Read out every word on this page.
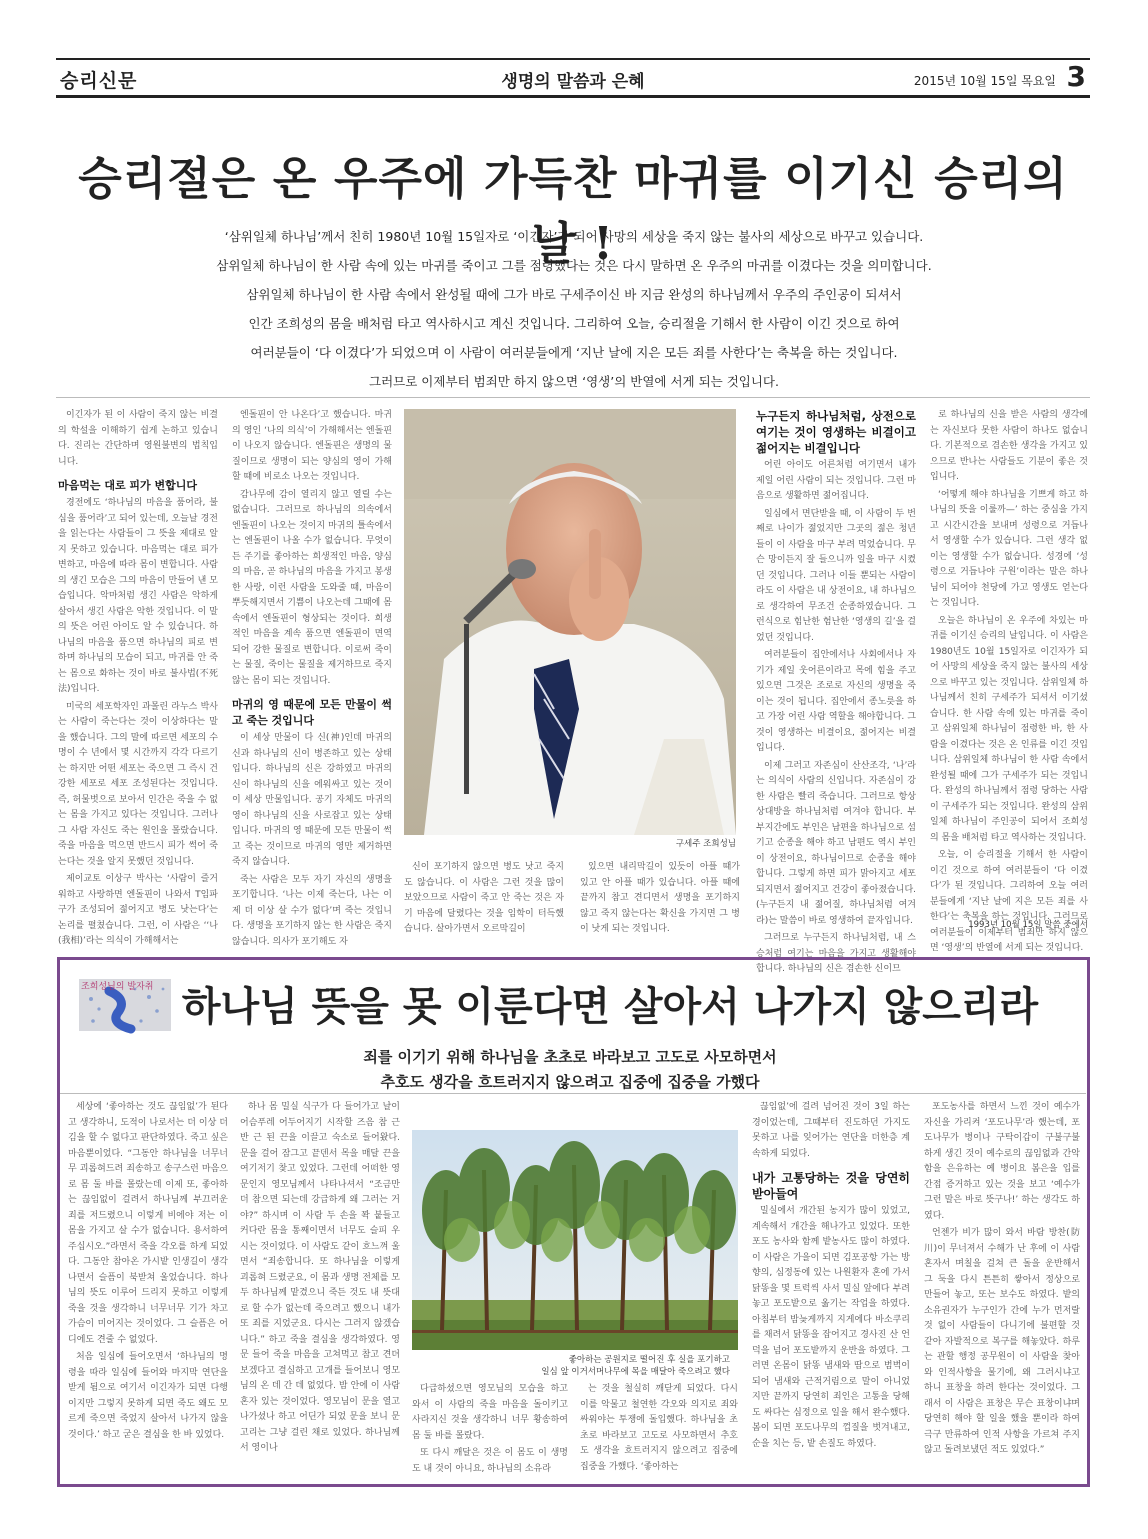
승리신문	생명의 말씀과 은혜	2015년 10월 15일 목요일 3
승리절은 온 우주에 가득찬 마귀를 이기신 승리의 날 !

‘삼위일체 하나님’께서 친히 1980년 10월 15일자로 ‘이긴자’가 되어 사망의 세상을 죽지 않는 불사의 세상으로 바꾸고 있습니다.

삼위일체 하나님이 한 사람 속에 있는 마귀를 죽이고 그를 점령했다는 것은 다시 말하면 온 우주의 마귀를 이겼다는 것을 의미합니다.

삼위일체 하나님이 한 사람 속에서 완성될 때에 그가 바로 구세주이신 바 지금 완성의 하나님께서 우주의 주인공이 되셔서

인간 조희성의 몸을 배처럼 타고 역사하시고 계신 것입니다. 그리하여 오늘, 승리절을 기해서 한 사람이 이긴 것으로 하여

여러분들이 ‘다 이겼다’가 되었으며 이 사람이 여러분들에게 ‘지난 날에 지은 모든 죄를 사한다’는 축복을 하는 것입니다.

그러므로 이제부터 범죄만 하지 않으면 ‘영생’의 반열에 서게 되는 것입니다.

이긴자가 된 이 사람이 죽지 않는 비결의 학설을 이해하기 쉽게 논하고 있습니다. 진리는 간단하며 영원불변의 법칙입니다.

마음먹는 대로 피가 변합니다

경전에도 ‘하나님의 마음을 품어라, 불심을 품어라’고 되어 있는데, 오늘날 경전을 읽는다는 사람들이 그 뜻을 제대로 알지 못하고 있습니다. 마음먹는 대로 피가 변하고, 마음에 따라 몸이 변합니다. 사람의 생긴 모습은 그의 마음이 만들어 낸 모습입니다. 악마처럼 생긴 사람은 악하게 살아서 생긴 사람은 악한 것입니다. 이 말의 뜻은 어린 아이도 알 수 있습니다. 하나님의 마음을 품으면 하나님의 피로 변하며 하나님의 모습이 되고, 마귀를 안 죽는 몸으로 화하는 것이 바로 불사법(不死法)입니다.

미국의 세포학자인 과몰린 라누스 박사는 사람이 죽는다는 것이 이상하다는 말을 했습니다. 그의 말에 따르면 세포의 수명이 수 년에서 몇 시간까지 각각 다르기는 하지만 어떤 세포는 죽으면 그 즉시 건강한 세포로 세포 조성된다는 것입니다. 즉, 허물벗으로 보아서 인간은 죽을 수 없는 몸을 가지고 있다는 것입니다. 그러나 그 사람 자신도 죽는 원인을 몰랐습니다. 죽을 마음을 먹으면 반드시 피가 썩어 죽는다는 것을 알지 못했던 것입니다.

제이교토 이상구 박사는 ‘사람이 즐거워하고 사랑하면 엔돌핀이 나와서 T임파구가 조성되어 젊어지고 병도 낫는다’는 논리를 펼쳤습니다. 그런, 이 사람은 ‘‘나(我相)’라는 의식이 가해해서는

엔돌핀이 안 나온다’고 했습니다. 마귀의 영인 ‘나의 의식’이 가해해서는 엔돌핀이 나오지 않습니다. 엔돌핀은 생명의 물질이므로 생명이 되는 양심의 영이 가해할 때에 비로소 나오는 것입니다.

감나무에 감이 열리지 않고 열릴 수는 없습니다. 그러므로 하나님의 의속에서 엔돌핀이 나오는 것이지 마귀의 틀속에서는 엔돌핀이 나올 수가 없습니다. 무엇이든 주기를 좋아하는 희생적인 마음, 양심의 마음, 곧 하나님의 마음을 가지고 봉생한 사랑, 이런 사람을 도와줄 때, 마음이 뿌듯해지면서 기쁨이 나오는데 그때에 몸속에서 엔돌핀이 형상되는 것이다. 희생적인 마음을 계속 품으면 엔돌핀이 면역되어 강한 물질로 변합니다. 이로써 죽이는 물질, 죽이는 물질을 제거하므로 죽지 않는 몸이 되는 것입니다.

마귀의 영 때문에 모든 만물이 썩고 죽는 것입니다

이 세상 만물이 다 신(神)인데 마귀의 신과 하나님의 신이 병존하고 있는 상태입니다. 하나님의 신은 강하였고 마귀의 신이 하나님의 신을 에워싸고 있는 것이 이 세상 만물입니다. 공기 자체도 마귀의 영이 하나님의 신을 사로잡고 있는 상태입니다. 마귀의 영 때문에 모든 만물이 썩고 죽는 것이므로 마귀의 영만 제거하면 죽지 않습니다.

죽는 사람은 모두 자기 자신의 생명을 포기합니다. ‘나는 이제 죽는다, 나는 이제 더 이상 살 수가 없다’며 죽는 것입니다. 생명을 포기하지 않는 한 사람은 죽지 않습니다. 의사가 포기해도 자

구세주 조희성님

신이 포기하지 않으면 병도 낫고 죽지도 않습니다. 이 사람은 그런 것을 많이 보았으므로 사람이 죽고 안 죽는 것은 자기 마음에 달렸다는 것을 임학이 터득했습니다. 살아가면서 오르막길이

있으면 내리막길이 있듯이 아플 때가 있고 안 아플 때가 있습니다. 아플 때에 끝까지 참고 견디면서 생명을 포기하지 않고 죽지 않는다는 확신을 가지면 그 병이 낫게 되는 것입니다.

누구든지 하나님처럼, 상전으로 여기는 것이 영생하는 비결이고 젊어지는 비결입니다

어린 아이도 어른처럼 여기면서 내가 제일 어린 사람이 되는 것입니다. 그런 마음으로 생활하면 젊어집니다.

일심에서 면단받을 때, 이 사람이 두 번째로 나이가 젊었지만 그곳의 젊은 청년들이 이 사람을 마구 부려 먹었습니다. 무슨 망이든지 잘 들으니까 일을 마구 시켰던 것입니다. 그러나 이들 뿐되는 사람이라도 이 사람은 내 상전이요, 내 하나님으로 생각하여 무조건 순종하였습니다. 그런식으로 힘난한 험난한 ‘영생의 길’을 걸었던 것입니다.

여러분들이 집안에서나 사회에서나 자기가 제일 웃어른이라고 목에 힘을 주고 있으면 그것은 조로로 자신의 생명을 죽이는 것이 됩니다. 집안에서 종노릇을 하고 가장 어린 사람 역할을 해야합니다. 그것이 영생하는 비결이요, 젊어지는 비결입니다.

이제 그러고 자존심이 산산조각, ‘나’라는 의식이 사람의 신입니다. 자존심이 강한 사람은 빨리 죽습니다. 그러므로 항상 상대방을 하나님처럼 여겨야 합니다. 부부지간에도 부인은 남편을 하나님으로 섬기고 순종을 해야 하고 남편도 역시 부인이 상전이요, 하나님이므로 순종을 해야 합니다. 그렇게 하면 피가 맑아지고 세포되지면서 젊어지고 건강이 좋아졌습니다. (누구든지 내 젊어질, 하나님처럼 여겨라)는 말씀이 바로 영생하여 끝자입니다.

그러므로 누구든지 하나님처럼, 내 스승처럼 여기는 마음을 가지고 생활해야 합니다. 하나님의 신은 겸손한 신이므

로 하나님의 신을 받은 사람의 생각에는 자신보다 못한 사람이 하나도 없습니다. 기본적으로 겸손한 생각을 가지고 있으므로 반나는 사람들도 기분이 좋은 것입니다.

‘어떻게 해야 하나님을 기쁘게 하고 하나님의 뜻을 이룰까—’ 하는 중심을 가지고 시간시간을 보내며 성령으로 거듭나서 영생할 수가 있습니다. 그런 생각 없이는 영생할 수가 없습니다. 성경에 ‘성령으로 거듭나야 구원’이라는 말은 하나님이 되어야 천당에 가고 영생도 얻는다는 것입니다.

오늘은 하나님이 온 우주에 차있는 마귀를 이기신 승리의 날입니다. 이 사람은 1980년도 10월 15일자로 이긴자가 되어 사망의 세상을 죽지 않는 불사의 세상으로 바꾸고 있는 것입니다. 삼위일체 하나님께서 친히 구세주가 되셔서 이기셨습니다. 한 사람 속에 있는 마귀를 죽이고 삼위일체 하나님이 점령한 바, 한 사람을 이겼다는 것은 온 인류를 이긴 것입니다. 삼위일체 하나님이 한 사람 속에서 완성될 때에 그가 구세주가 되는 것입니다. 완성의 하나님께서 점령 당하는 사람이 구세주가 되는 것입니다. 완성의 삼위일체 하나님이 주인공이 되어서 조희성의 몸을 배처럼 타고 역사하는 것입니다.

오늘, 이 승리절을 기해서 한 사람이 이긴 것으로 하여 여러분들이 ‘다 이겼다’가 된 것입니다. 그리하여 오늘 여러분들에게 ‘지난 날에 지은 모든 죄를 사한다’는 축복을 하는 것입니다. 그러므로 여러분들이 이제부터 범죄만 하지 않으면 ‘영생’의 반열에 서게 되는 것입니다.

1993년 10월 15일 말씀 중에서
조희성님의 발자취 하나님 뜻을 못 이룬다면 살아서 나가지 않으리라
죄를 이기기 위해 하나님을 초초로 바라보고 고도로 사모하면서
추호도 생각을 흐트러지지 않으려고 집중에 집중을 가했다

세상에 ‘좋아하는 것도 끊임없’가 된다고 생각하니, 도적이 나로서는 더 이상 더 김을 할 수 없다고 판단하였다. 죽고 싶은 마음뿐이었다. “그동안 하나님을 너무너무 괴롭혀드려 죄송하고 송구스런 마음으로 몸 둘 바를 몰랐는데 이제 또, 좋아하는 끊임없이 걸려서 하나님께 부끄러운 죄를 저드렸으니 이렇게 비에야 저는 이 몸을 가지고 살 수가 없습니다. 용서하여 주십시오.”라면서 죽을 각오를 하게 되었다. 그동안 참아온 가시밭 인생길이 생각나면서 슬픔이 북받쳐 울었습니다. 하나님의 뜻도 이루어 드리지 못하고 이렇게 죽을 것을 생각하니 너무너무 기가 차고 가슴이 미어지는 것이었다. 그 슬픔은 어디에도 견줄 수 없었다.

처음 일심에 들어오면서 ‘하나님의 명령을 따라 일심에 들어와 마지막 연단을 받게 됨으로 여기서 이긴자가 되면 다행이지만 그렇지 못하게 되면 죽도 왜도 모르게 죽으면 죽었지 살아서 나가지 않을 것이다.’ 하고 굳은 결심을 한 바 있었다.

하나 몸 밀실 식구가 다 들어가고 날이 어슴푸레 어두어지기 시작할 즈음 참 근 반 근 된 끈을 이끌고 숙소로 들어왔다. 문을 걸어 잠그고 끝덴서 목을 매달 끈을 여기저기 찾고 있었다. 그런데 어떠한 영문인지 영모님께서 나타나셔서 “조금만 더 참으면 되는데 강급하게 왜 그러는 거야?” 하시며 이 사람 두 손을 꽉 붙들고 커다란 몸을 통째이면서 너무도 슬피 우시는 것이었다. 이 사람도 같이 흐느껴 울면서 “죄송합니다. 또 하나님을 이렇게 괴롭혀 드렸군요, 이 몸과 생명 전체를 모두 하나님께 맡겼으니 죽든 것도 내 뜻대로 할 수가 없는데 죽으려고 했으니 내가 또 죄를 지었군요. 다시는 그러지 않겠습니다.” 하고 죽을 결심을 생각하였다. 영문 들어 죽을 마음을 고쳐먹고 참고 견뎌보겠다고 결심하고 고개를 들어보니 영모님의 온 데 간 데 없었다. 밤 안에 이 사람 혼자 있는 것이었다. 영모님이 문을 열고 나가셨나 하고 어딘가 되었 문을 보니 문고리는 그냥 걸린 채로 있었다. 하나님께서 영이나

좋아하는 공원지로 떨어진 후 실을 포기하고
일심 앞 이거서머나무에 목을 매달아 죽으려고 했다

다급하셨으면 영모님의 모습을 하고 와서 이 사람의 죽을 마음을 돌이키고 사라지신 것을 생각하니 너무 황송하여 몸 둘 바를 몰랐다.

또 다시 깨달은 것은 이 몸도 이 생명도 내 것이 아니요, 하나님의 소유라

는 것을 철실히 깨닫게 되었다. 다시 이를 악물고 철연한 각오와 의지로 죄와 싸워야는 투쟁에 돌입했다. 하나님을 초초로 바라보고 고도로 사모하면서 추호도 생각을 흐트러지지 않으려고 집중에 집중을 가했다. ‘좋아하는

끊임없’에 걸려 넘어진 것이 3일 하는 경이었는데, 그때부터 진도하던 가지도 못하고 나를 잊어가는 연단을 더한층 계속하게 되었다.

내가 고통당하는 것을 당연히 받아들여

밀실에서 개간된 농지가 많이 있었고, 계속해서 개간을 해나가고 있었다. 또한 포도 농사와 함께 밭농사도 많이 하였다. 이 사람은 가을이 되면 김포공항 가는 방향의, 심정동에 있는 나원환자 혼에 가서 닭똥을 몇 트럭씩 사서 밀실 앞에다 부려 놓고 포도밭으로 옮기는 작업을 하였다. 아침부터 밤늦게까지 지게에다 바소쿠리를 채려서 닭똥을 잡어지고 경사진 산 언덕을 넘어 포도밭까지 운반을 하였다. 그러면 온몸이 닭똥 냄새와 땀으로 범벅이 되어 냄새와 근적거림으로 말이 아니었지만 끝까지 당연히 죄인은 고통을 당해도 싸다는 심정으로 일을 해서 완수했다. 봄이 되면 포도나무의 껍질을 벗겨내고, 순을 치는 등, 밭 손질도 하였다.

포도농사를 하면서 느낀 것이 예수가 자신을 가리켜 ‘포도나무’라 했는데, 포도나무가 병이나 구탁이갑이 구불구불하게 생긴 것이 예수로의 끊임없과 간악함을 은유하는 예 병이요 봄은을 입를 간접 증거하고 있는 것을 보고 ‘예수가 그런 말은 바로 뜻구나!’ 하는 생각도 하였다.

언젠가 비가 많이 와서 바람 방찬(防川)이 무너져서 수해가 난 후에 이 사람 혼자서 며칠을 걸쳐 큰 돌을 운반해서 그 둑을 다시 튼튼히 쌓아서 정상으로 만들어 놓고, 또는 보수도 하였다. 밭의 소유권자가 누구인가 간에 누가 먼저랄 것 없이 사람들이 다니기에 불편할 것 같아 자발적으로 복구를 해놓았다. 하루는 관할 행정 공무원이 이 사람을 찾아와 인적사항을 물기에, 왜 그러시냐고 하니 표창을 하려 한다는 것이었다. 그래서 이 사람은 표창은 무슨 표창이냐며 당연히 해야 할 일을 했을 뿐이라 하여 극구 만류하여 인적 사항을 가르쳐 주지 않고 돌려보냈던 적도 있었다.”
